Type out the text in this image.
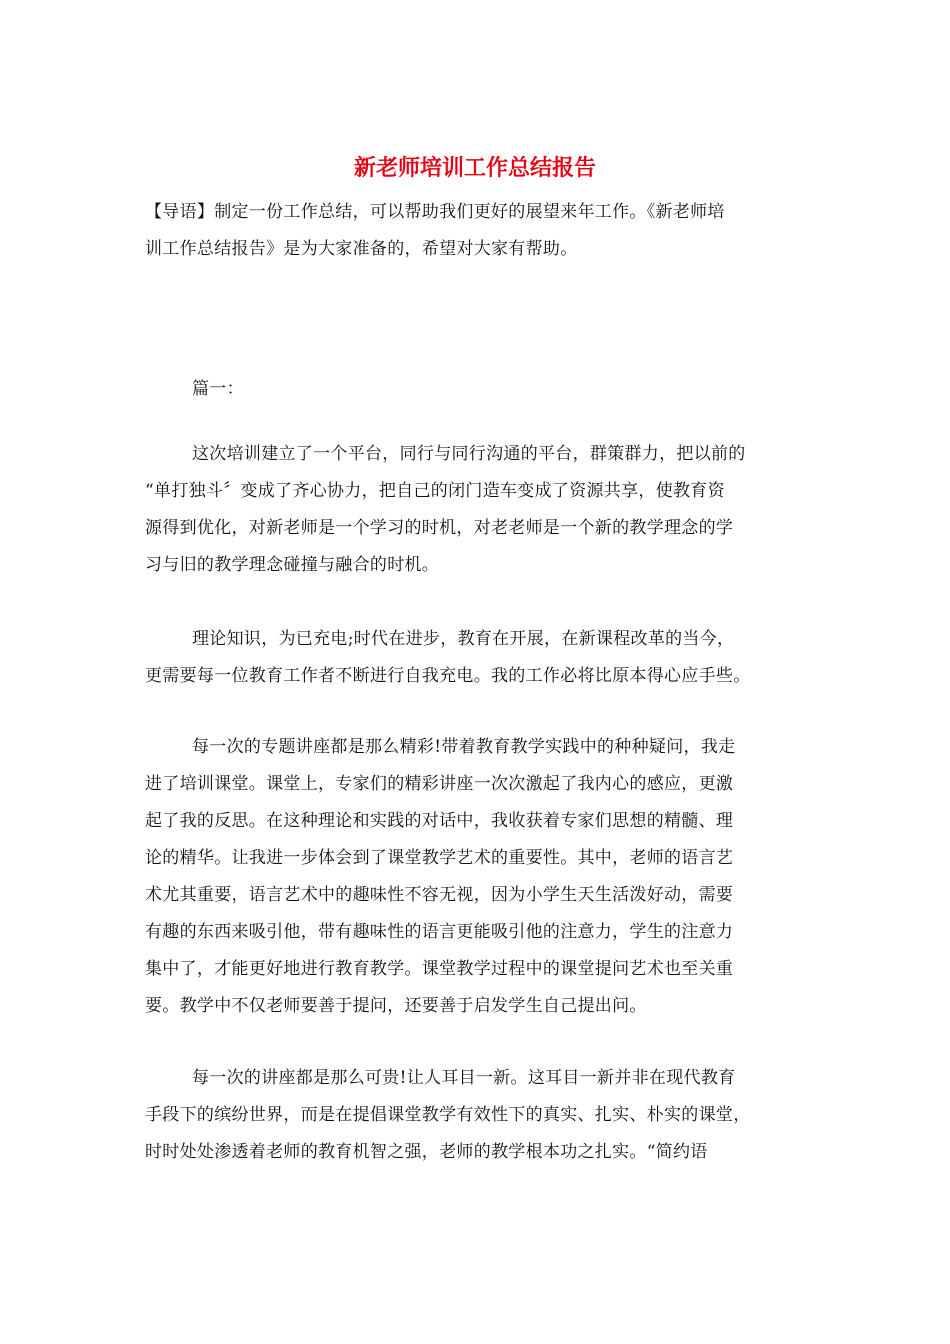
新老师培训工作总结报告
【导语】制定一份工作总结，可以帮助我们更好的展望来年工作。《新老师培
训工作总结报告》是为大家准备的，希望对大家有帮助。
篇一：
这次培训建立了一个平台，同行与同行沟通的平台，群策群力，把以前的
“单打独斗〞变成了齐心协力，把自己的闭门造车变成了资源共享，使教育资
源得到优化，对新老师是一个学习的时机，对老老师是一个新的教学理念的学
习与旧的教学理念碰撞与融合的时机。
理论知识，为已充电;时代在进步，教育在开展，在新课程改革的当今，
更需要每一位教育工作者不断进行自我充电。我的工作必将比原本得心应手些。
每一次的专题讲座都是那么精彩!带着教育教学实践中的种种疑问，我走
进了培训课堂。课堂上，专家们的精彩讲座一次次激起了我内心的感应，更激
起了我的反思。在这种理论和实践的对话中，我收获着专家们思想的精髓、理
论的精华。让我进一步体会到了课堂教学艺术的重要性。其中，老师的语言艺
术尤其重要，语言艺术中的趣味性不容无视，因为小学生天生活泼好动，需要
有趣的东西来吸引他，带有趣味性的语言更能吸引他的注意力，学生的注意力
集中了，才能更好地进行教育教学。课堂教学过程中的课堂提问艺术也至关重
要。教学中不仅老师要善于提问，还要善于启发学生自己提出问。
每一次的讲座都是那么可贵!让人耳目一新。这耳目一新并非在现代教育
手段下的缤纷世界，而是在提倡课堂教学有效性下的真实、扎实、朴实的课堂，
时时处处渗透着老师的教育机智之强，老师的教学根本功之扎实。“简约语
